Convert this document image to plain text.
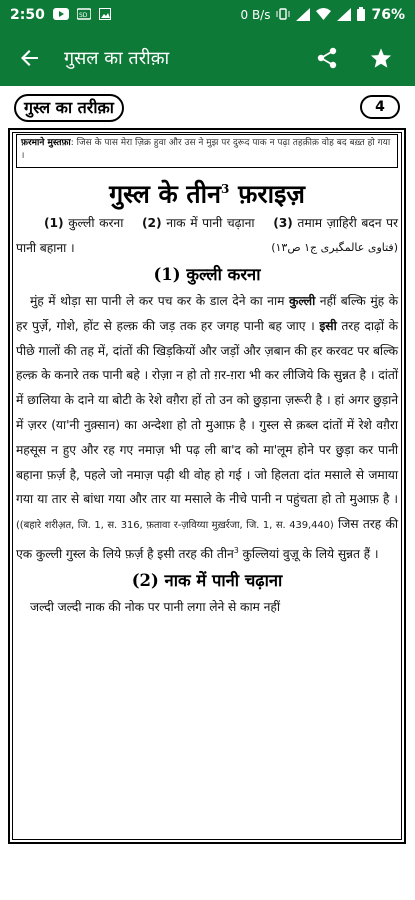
2:50	SD	0 B/s	76%
गुसल का तरीक़ा
गुस्ल का तरीक़ा	4
फ़रमाने मुस्तफ़ा: जिस के पास मेरा ज़िक्र हुवा और उस ने मुझ पर दुरूद पाक न पढ़ा तहक़ीक़ वोह बद बख़्त हो गया ।
गुस्ल के तीन$^3$ फ़राइज़

(1) कुल्ली करना (2) नाक में पानी चढ़ाना (3) तमाम ज़ाहिरी बदन पर पानी बहाना ।	(فتاوی عالمگیری ج۱ ص۱۳)

(1) कुल्ली करना

मुंह में थोड़ा सा पानी ले कर पच कर के डाल देने का नाम कुल्ली नहीं बल्कि मुंह के हर पुर्ज़े, गोशे, होंट से हल्क़ की जड़ तक हर जगह पानी बह जाए । इसी तरह दाढ़ों के पीछे गालों की तह में, दांतों की खिड़कियों और जड़ों और ज़बान की हर करवट पर बल्कि हल्क़ के कनारे तक पानी बहे । रोज़ा न हो तो ग़र-ग़रा भी कर लीजिये कि सुन्नत है । दांतों में छालिया के दाने या बोटी के रेशे वग़ैरा हों तो उन को छुड़ाना ज़रूरी है । हां अगर छुड़ाने में ज़रर (या'नी नुक़्सान) का अन्देशा हो तो मुआफ़ है । गुस्ल से क़ब्ल दांतों में रेशे वग़ैरा महसूस न हुए और रह गए नमाज़ भी पढ़ ली बा'द को मा'लूम होने पर छुड़ा कर पानी बहाना फ़र्ज़ है, पहले जो नमाज़ पढ़ी थी वोह हो गई । जो हिलता दांत मसाले से जमाया गया या तार से बांधा गया और तार या मसाले के नीचे पानी न पहुंचता हो तो मुआफ़ है । ((बहारे शरीअ़त, जि. 1, स. 316, फ़तावा र-ज़विय्या मुख़र्रजा, जि. 1, स. 439,440) जिस तरह की एक कुल्ली गुस्ल के लिये फ़र्ज़ है इसी तरह की तीन$^3$ कुल्लियां वुज़ू के लिये सुन्नत हैं ।

(2) नाक में पानी चढ़ाना

जल्दी जल्दी नाक की नोक पर पानी लगा लेने से काम नहीं
